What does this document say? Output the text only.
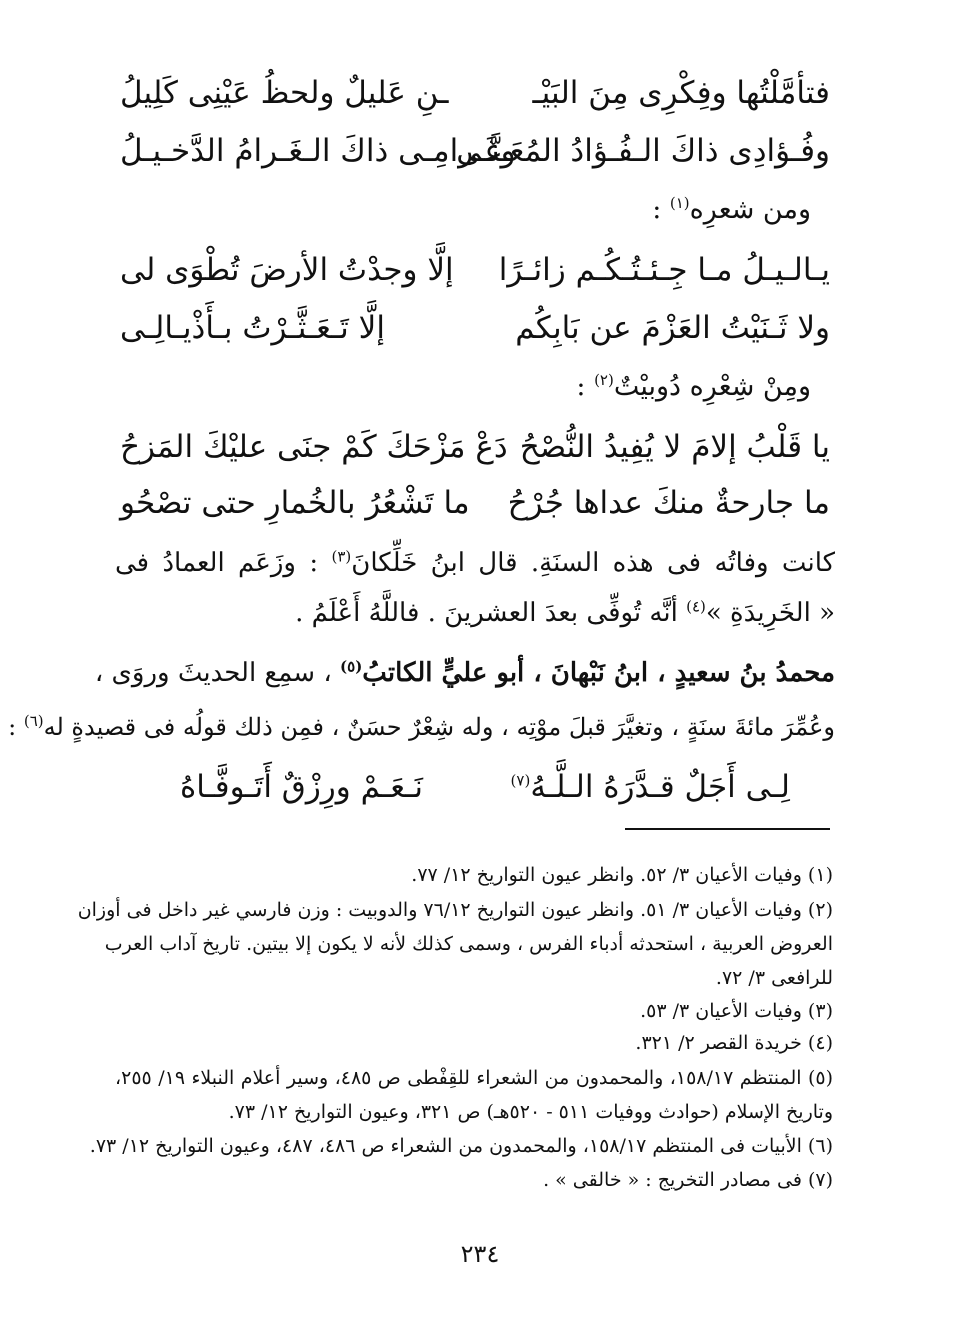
فتأمَّلْتُها وفِكْرِى مِنَ البَيْـ
ـنِ عَليلٌ ولحظُ عَيْنِى كَلِيلُ
وفُـؤادِى ذاكَ الـفُـؤادُ المُعَـنَّـى
وغَـرامِـى ذاكَ الـغَـرامُ الدَّخـيـلُ
ومن شعرِه$^{(١)}$ :
يـالـيـلُ مـا جِـئـتُـكُـم زائـرًا
إلَّا وجدْتُ الأرضَ تُطْوَى لى
ولا ثَـنَيْتُ العَزْمَ عن بَابِكُم
إلَّا تَـعَـثَّـرْتُ بـأَذْيـالِـى
ومِنْ شِعْرِه دُوبيْتٌ$^{(٢)}$ :
يا قَلْبُ إلامَ لا يُفِيدُ النُّصْحُ
دَعْ مَزْحَكَ كَمْ جنَى عليْكَ المَزحُ
ما جارحةٌ منكَ عداها جُرْحُ
ما تَشْعُرُ بالخُمارِ حتى تصْحُو
كانت وفاتُه فى هذه السنَةِ. قال ابنُ خَلِّكانَ$^{(٣)}$ : وزَعَم العمادُ فى
« الخَرِيدَةِ »$^{(٤)}$ أنَّه تُوفِّى بعدَ العشرينَ . فاللَّهُ أَعْلَمُ .
محمدُ بنُ سعيدٍ ، ابنُ نَبْهانَ ، أبو عليٍّ الكاتبُ$^{(٥)}$ ، سمِع الحديثَ وروَى ،
وعُمِّرَ مائةَ سنَةٍ ، وتغيَّرَ قبلَ موْتِه ، وله شِعْرٌ حسَنٌ ، فمِن ذلك قولُه فى قصيدةٍ له$^{(٦)}$ :
لِـى أَجَلٌ قـدَّرَهُ الـلَّـهُ$^{(٧)}$
نَـعَـمْ ورِزْقٌ أَتَـوفَّـاهُ
(١) وفيات الأعيان ٣/ ٥٢. وانظر عيون التواريخ ١٢/ ٧٧.
(٢) وفيات الأعيان ٣/ ٥١. وانظر عيون التواريخ ٧٦/١٢ والدوبيت : وزن فارسي غير داخل فى أوزان
العروض العربية ، استحدثه أدباء الفرس ، وسمى كذلك لأنه لا يكون إلا بيتين. تاريخ آداب العرب
للرافعى ٣/ ٧٢.
(٣) وفيات الأعيان ٣/ ٥٣.
(٤) خريدة القصر ٢/ ٣٢١.
(٥) المنتظم ١٥٨/١٧، والمحمدون من الشعراء للقِفْطى ص ٤٨٥، وسير أعلام النبلاء ١٩/ ٢٥٥،
وتاريخ الإسلام (حوادث ووفيات ٥١١ - ٥٢٠هـ) ص ٣٢١، وعيون التواريخ ١٢/ ٧٣.
(٦) الأبيات فى المنتظم ١٥٨/١٧، والمحمدون من الشعراء ص ٤٨٦، ٤٨٧، وعيون التواريخ ١٢/ ٧٣.
(٧) فى مصادر التخريج : « خالقى » .
٢٣٤
